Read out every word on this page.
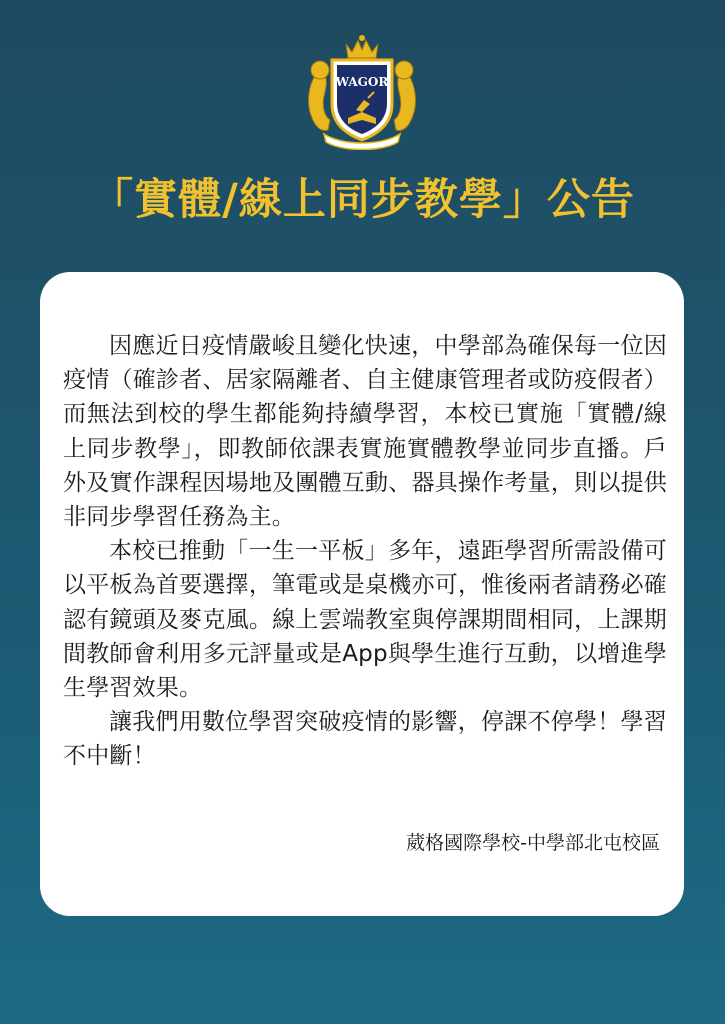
WAGOR
「實體/線上同步教學」公告

因應近日疫情嚴峻且變化快速，中學部為確保每一位因疫情（確診者、居家隔離者、自主健康管理者或防疫假者）而無法到校的學生都能夠持續學習，本校已實施「實體/線上同步教學」，即教師依課表實施實體教學並同步直播。戶外及實作課程因場地及團體互動、器具操作考量，則以提供非同步學習任務為主。

本校已推動「一生一平板」多年，遠距學習所需設備可以平板為首要選擇，筆電或是桌機亦可，惟後兩者請務必確認有鏡頭及麥克風。線上雲端教室與停課期間相同，上課期間教師會利用多元評量或是App與學生進行互動，以增進學生學習效果。

讓我們用數位學習突破疫情的影響，停課不停學！學習不中斷！

葳格國際學校-中學部北屯校區
